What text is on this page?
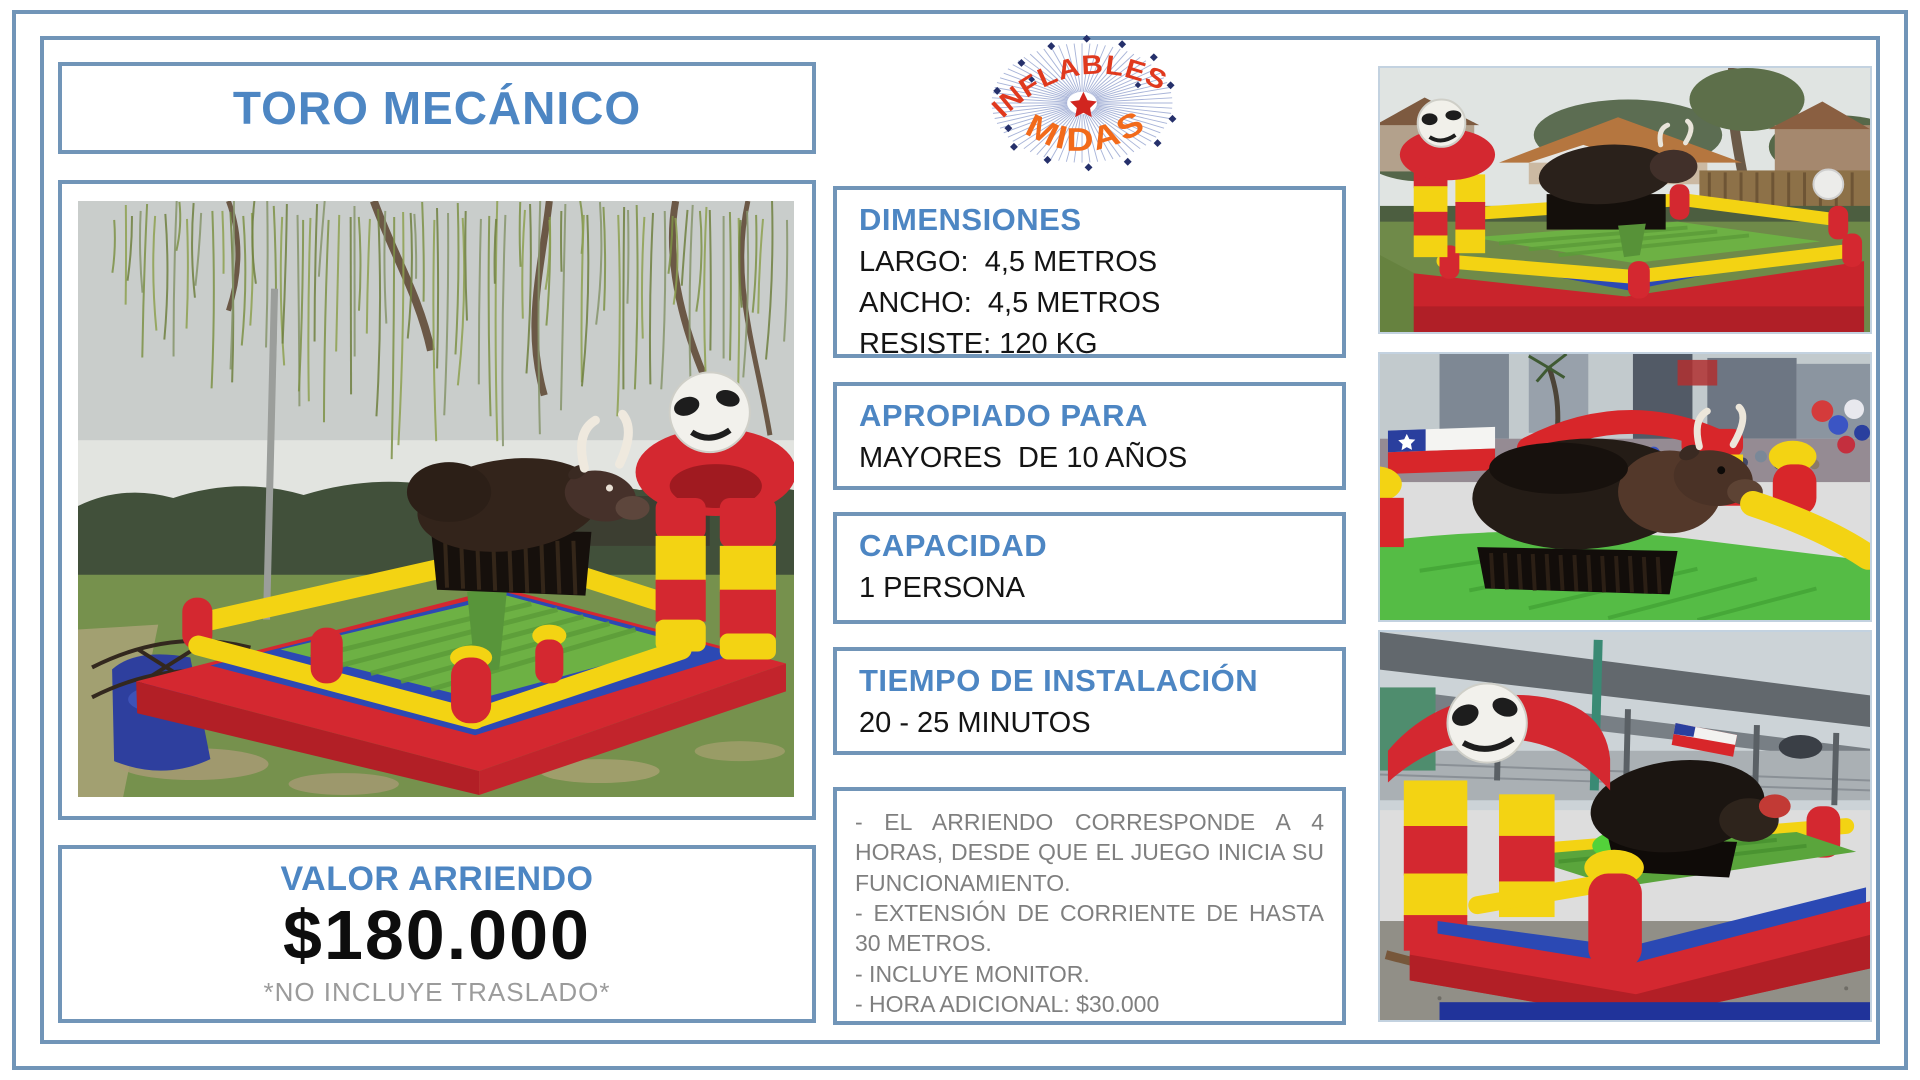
TORO MECÁNICO	INFLABLES
MIDAS
VALOR ARRIENDO
$180.000
*NO INCLUYE TRASLADO*
DIMENSIONES
LARGO:  4,5 METROS
ANCHO:  4,5 METROS
RESISTE: 120 KG
APROPIADO PARA
MAYORES  DE 10 AÑOS
CAPACIDAD
1 PERSONA
TIEMPO DE INSTALACIÓN
20 - 25 MINUTOS
- EL ARRIENDO CORRESPONDE A 4 HORAS, DESDE QUE EL JUEGO INICIA SU FUNCIONAMIENTO.
- EXTENSIÓN DE CORRIENTE DE HASTA 30 METROS.
- INCLUYE MONITOR.
- HORA ADICIONAL: $30.000
